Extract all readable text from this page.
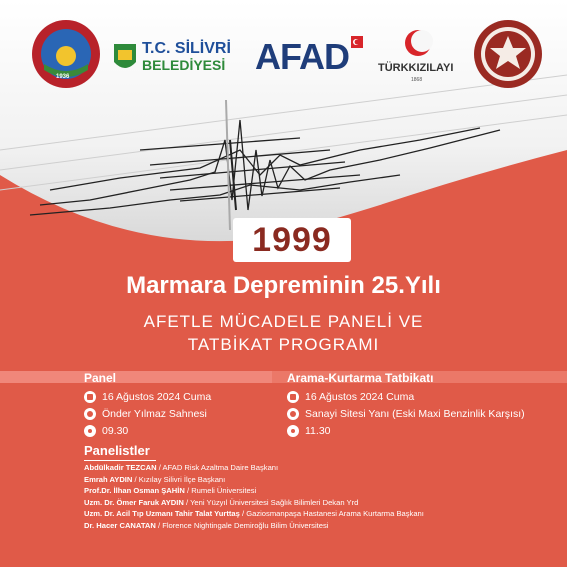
1936
T.C. SİLİVRİ
BELEDİYESİ AFAD	TÜRKKIZILAYI
1868
1999
Marmara Depreminin 25.Yılı
AFETLE MÜCADELE PANELİ VE
TATBİKAT PROGRAMI
Panel	Arama-Kurtarma Tatbikatı
16 Ağustos 2024 Cuma
Önder Yılmaz Sahnesi
09.30
16 Ağustos 2024 Cuma
Sanayi Sitesi Yanı (Eski Maxi Benzinlik Karşısı)
11.30
Panelistler
Abdülkadir TEZCAN / AFAD Risk Azaltma Daire Başkanı
Emrah AYDIN / Kızılay Silivri İlçe Başkanı
Prof.Dr. İlhan Osman ŞAHİN / Rumeli Üniversitesi
Uzm. Dr. Ömer Faruk AYDIN / Yeni Yüzyıl Üniversitesi Sağlık Bilimleri Dekan Yrd
Uzm. Dr. Acil Tıp Uzmanı Tahir Talat Yurttaş / Gaziosmanpaşa Hastanesi Arama Kurtarma Başkanı
Dr. Hacer CANATAN / Florence Nightingale Demiroğlu Bilim Üniversitesi
